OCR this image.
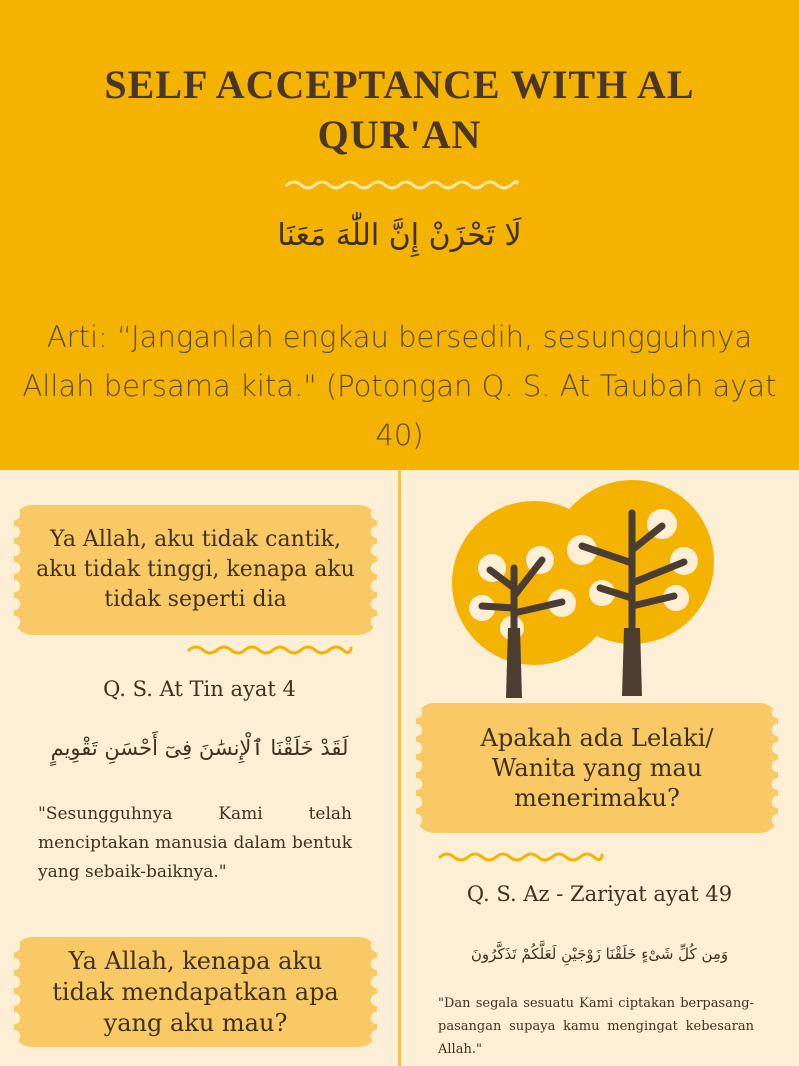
SELF ACCEPTANCE WITH AL QUR'AN
لَا تَحْزَنْ إِنَّ اللّٰهَ مَعَنَا

Arti: “Janganlah engkau bersedih, sesungguhnya Allah bersama kita." (Potongan Q. S. At Taubah ayat 40)

Ya Allah, aku tidak cantik, aku tidak tinggi, kenapa aku tidak seperti dia
Q. S. At Tin ayat 4
لَقَدْ خَلَقْنَا ٱلْإِنسَٰنَ فِىٓ أَحْسَنِ تَقْوِيمٍ

"Sesungguhnya Kami telah menciptakan manusia dalam bentuk yang sebaik-baiknya."

Ya Allah, kenapa aku tidak mendapatkan apa yang aku mau?
Apakah ada Lelaki/ Wanita yang mau menerimaku?
Q. S. Az - Zariyat ayat 49
وَمِن كُلِّ شَىْءٍ خَلَقْنَا زَوْجَيْنِ لَعَلَّكُمْ تَذَكَّرُونَ

"Dan segala sesuatu Kami ciptakan berpasang-pasangan supaya kamu mengingat kebesaran Allah."
